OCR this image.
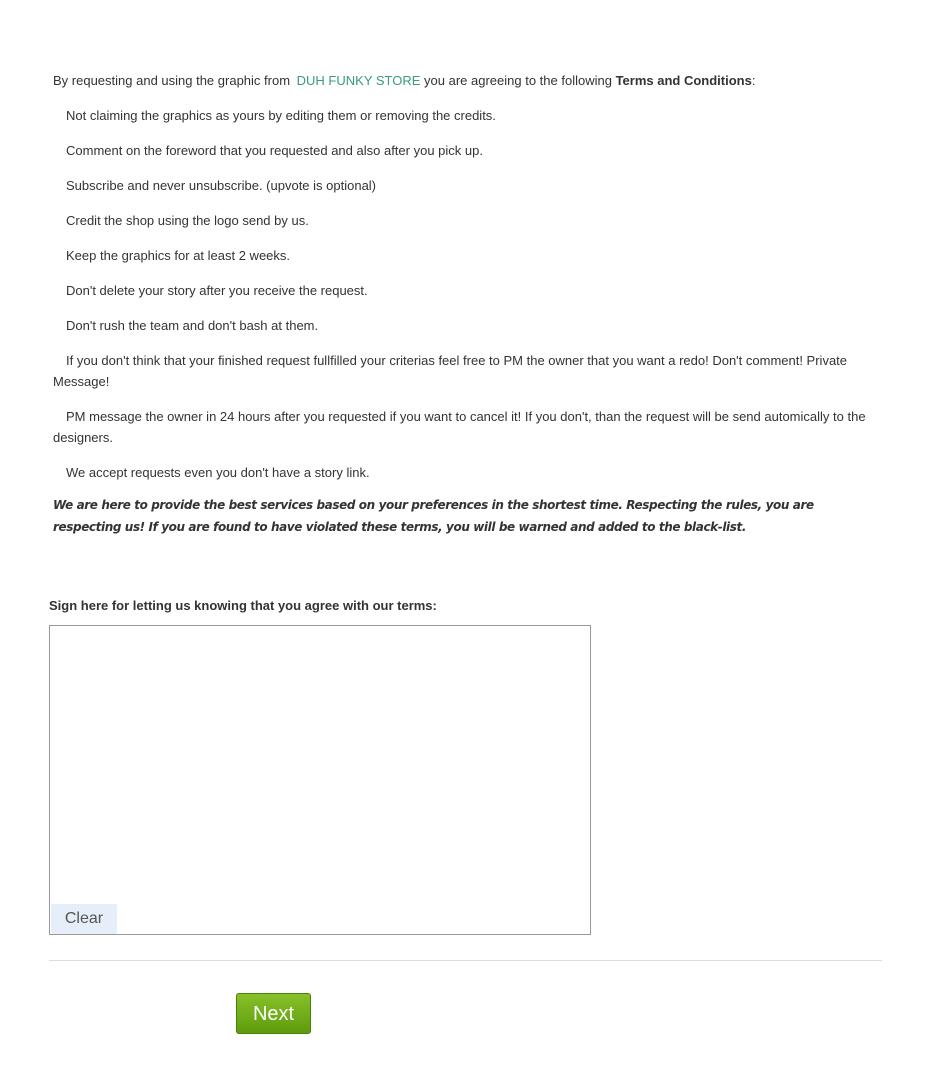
By requesting and using the graphic from DUH FUNKY STORE you are agreeing to the following Terms and Conditions:

Not claiming the graphics as yours by editing them or removing the credits.

Comment on the foreword that you requested and also after you pick up.

Subscribe and never unsubscribe. (upvote is optional)

Credit the shop using the logo send by us.

Keep the graphics for at least 2 weeks.

Don't delete your story after you receive the request.

Don't rush the team and don't bash at them.

If you don't think that your finished request fullfilled your criterias feel free to PM the owner that you want a redo! Don't comment! Private Message!

PM message the owner in 24 hours after you requested if you want to cancel it! If you don't, than the request will be send automically to the designers.

We accept requests even you don't have a story link.

We are here to provide the best services based on your preferences in the shortest time. Respecting the rules, you are respecting us! If you are found to have violated these terms, you will be warned and added to the black-list.

Sign here for letting us knowing that you agree with our terms:

Clear
Next
